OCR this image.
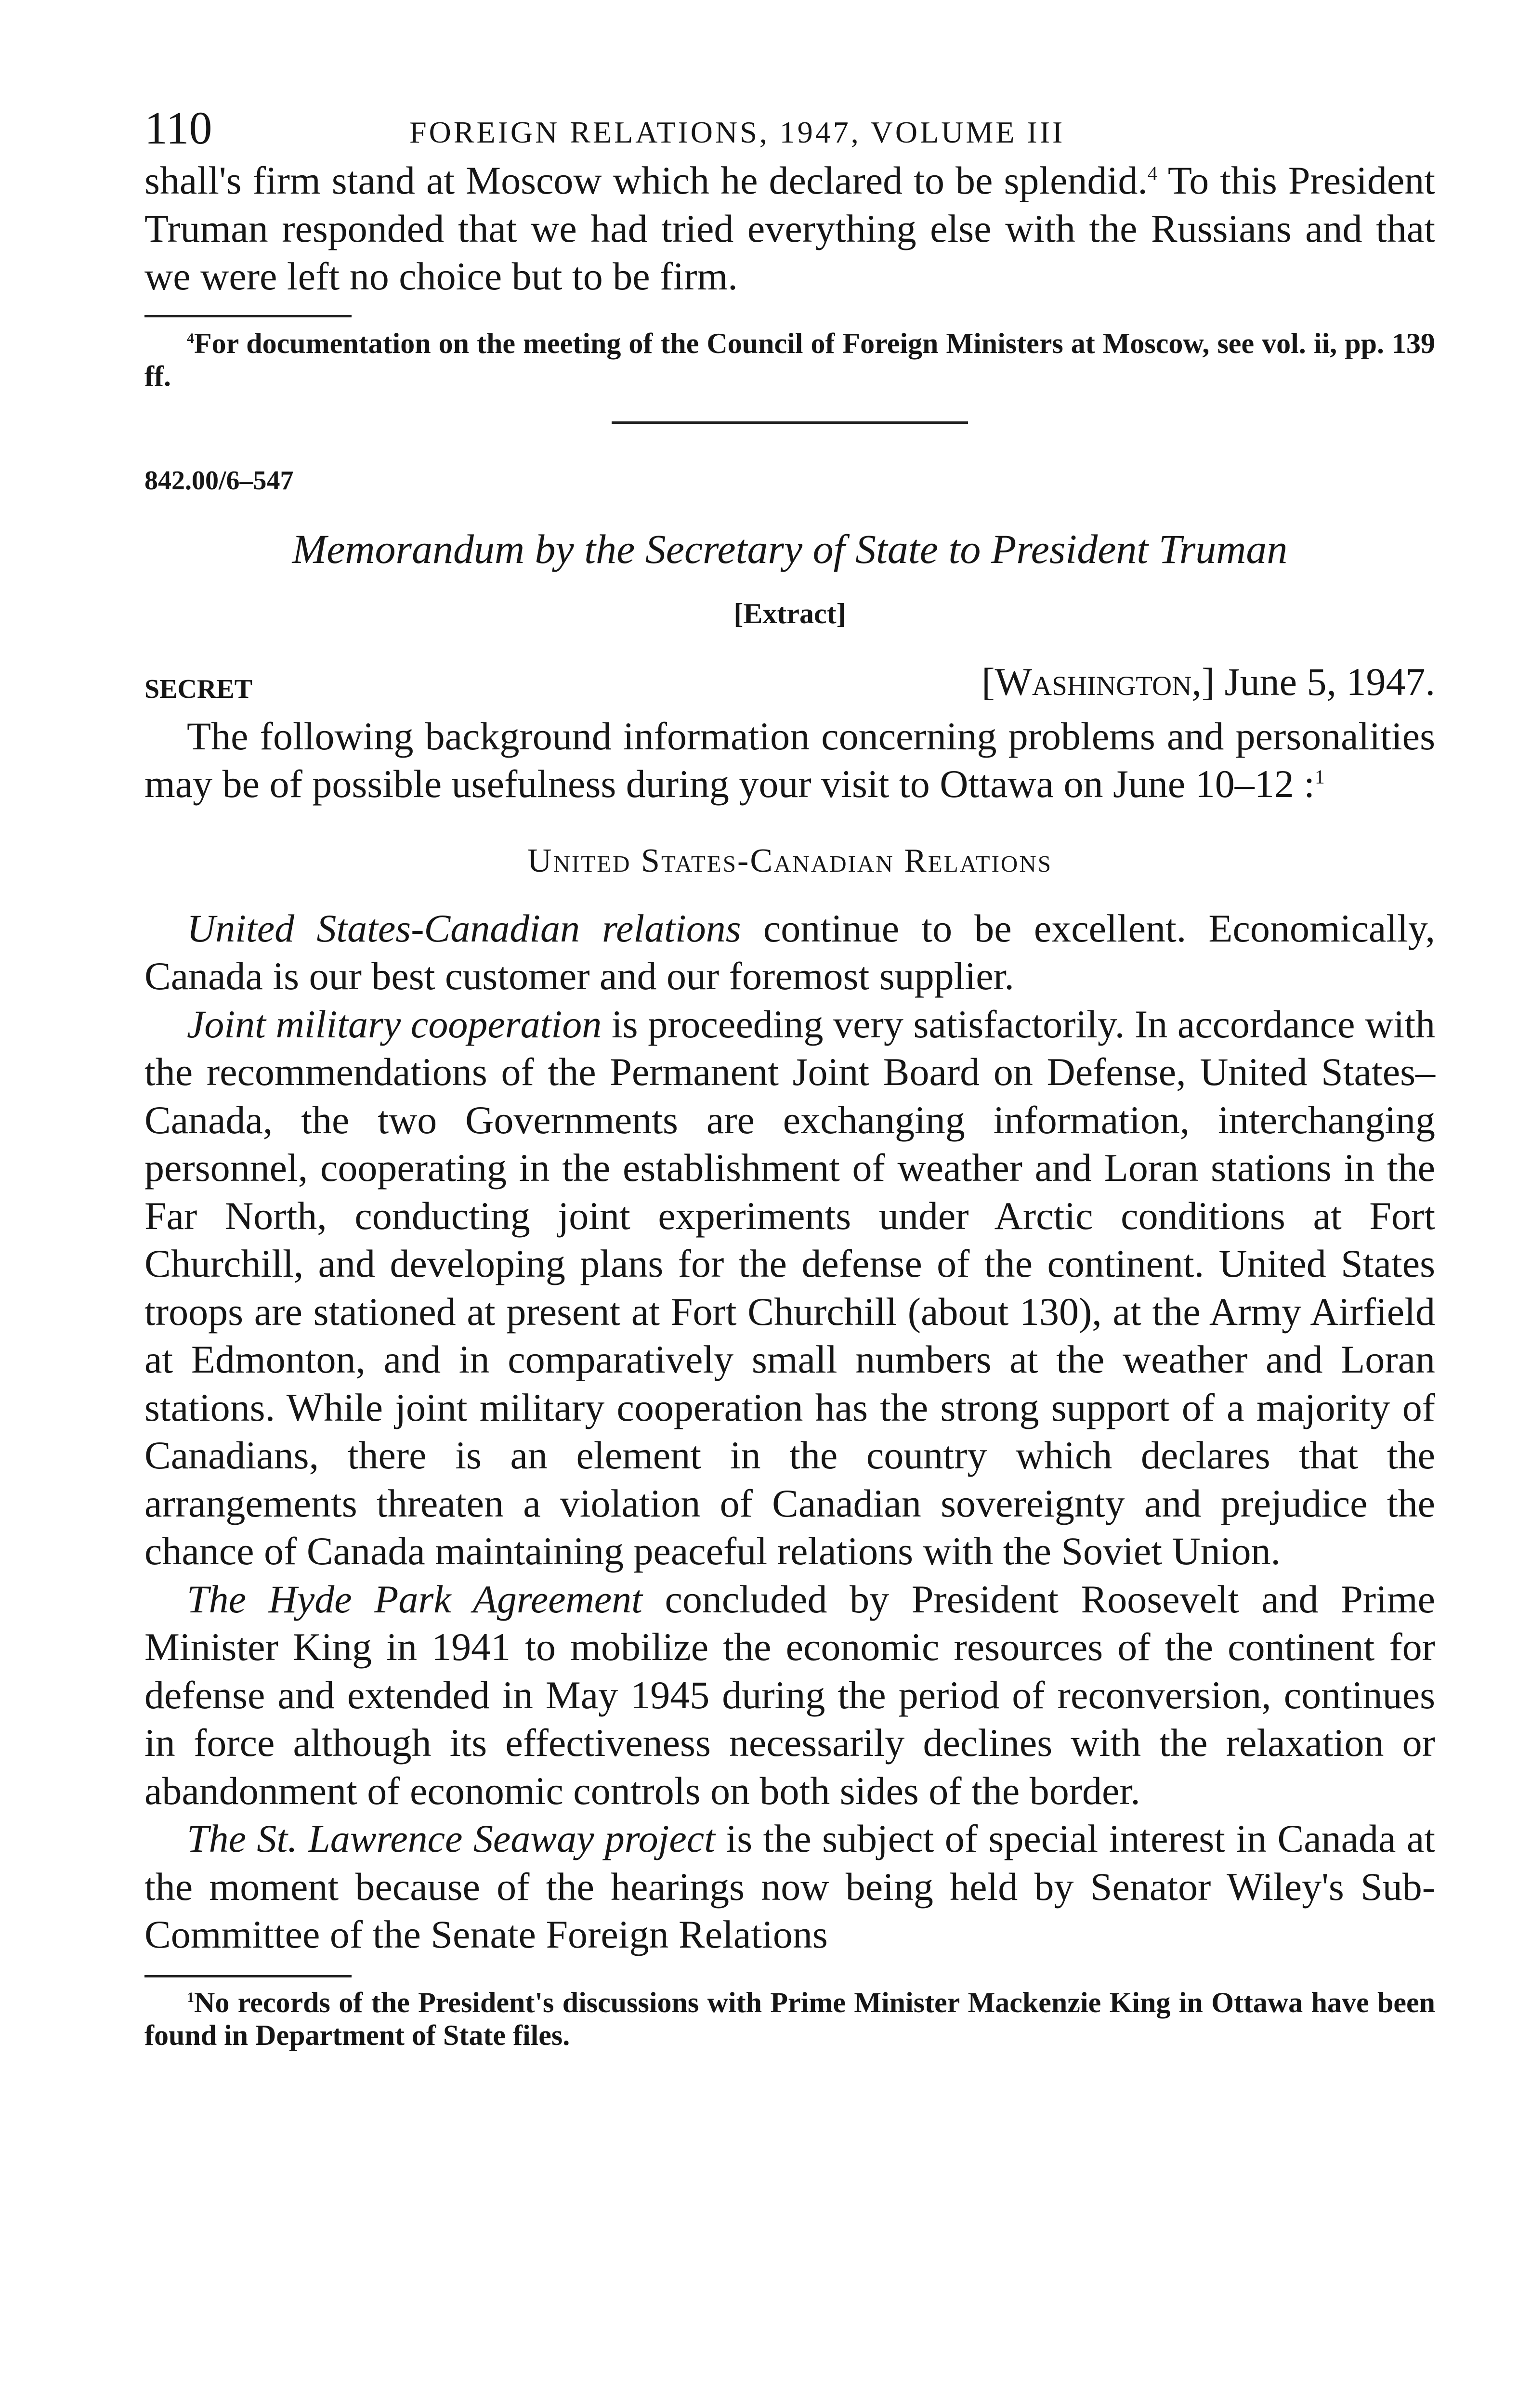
110	FOREIGN RELATIONS, 1947, VOLUME III

shall's firm stand at Moscow which he declared to be splendid.$^4$ To this President Truman responded that we had tried everything else with the Russians and that we were left no choice but to be firm.

$^4$For documentation on the meeting of the Council of Foreign Ministers at Moscow, see vol. ii, pp. 139 ff.

842.00/6–547
Memorandum by the Secretary of State to President Truman
[Extract]
SECRET	[Washington,] June 5, 1947.

The following background information concerning problems and personalities may be of possible usefulness during your visit to Ottawa on June 10–12 :$^1$

United States-Canadian Relations

United States-Canadian relations continue to be excellent. Economically, Canada is our best customer and our foremost supplier.

Joint military cooperation is proceeding very satisfactorily. In accordance with the recommendations of the Permanent Joint Board on Defense, United States–Canada, the two Governments are exchanging information, interchanging personnel, cooperating in the establishment of weather and Loran stations in the Far North, conducting joint experiments under Arctic conditions at Fort Churchill, and developing plans for the defense of the continent. United States troops are stationed at present at Fort Churchill (about 130), at the Army Airfield at Edmonton, and in comparatively small numbers at the weather and Loran stations. While joint military cooperation has the strong support of a majority of Canadians, there is an element in the country which declares that the arrangements threaten a violation of Canadian sovereignty and prejudice the chance of Canada maintaining peaceful relations with the Soviet Union.

The Hyde Park Agreement concluded by President Roosevelt and Prime Minister King in 1941 to mobilize the economic resources of the continent for defense and extended in May 1945 during the period of reconversion, continues in force although its effectiveness necessarily declines with the relaxation or abandonment of economic controls on both sides of the border.

The St. Lawrence Seaway project is the subject of special interest in Canada at the moment because of the hearings now being held by Senator Wiley's Sub-Committee of the Senate Foreign Relations

$^1$No records of the President's discussions with Prime Minister Mackenzie King in Ottawa have been found in Department of State files.
